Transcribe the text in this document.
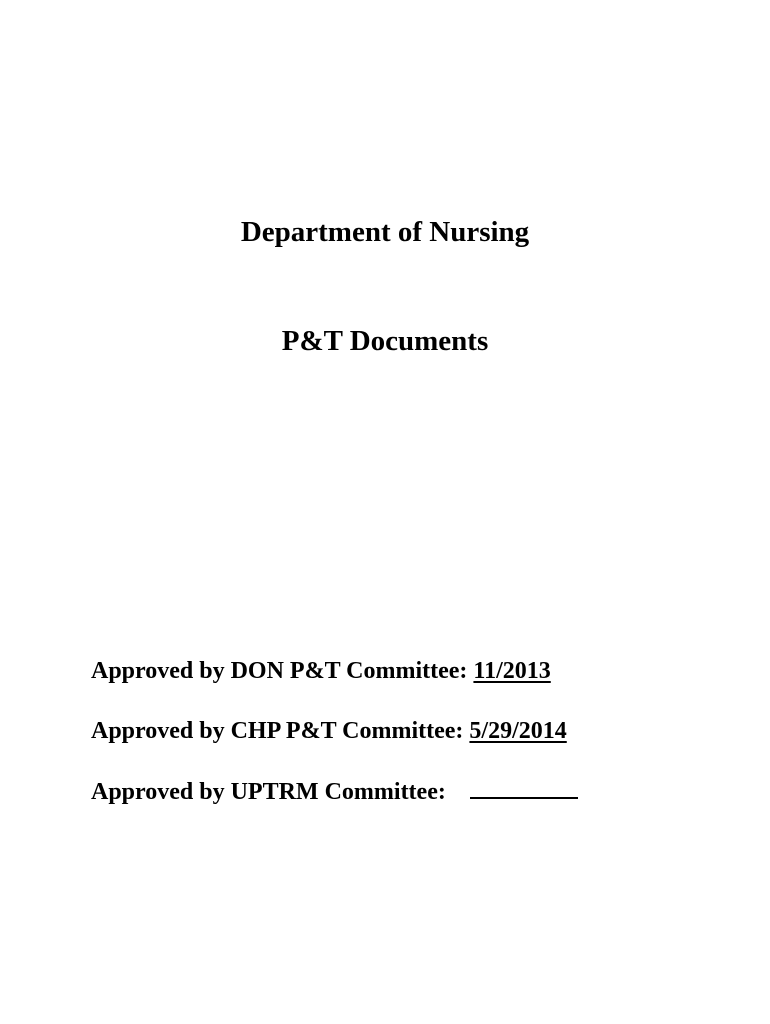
Department of Nursing
P&T Documents
Approved by DON P&T Committee: 11/2013
Approved by CHP P&T Committee: 5/29/2014
Approved by UPTRM Committee:
